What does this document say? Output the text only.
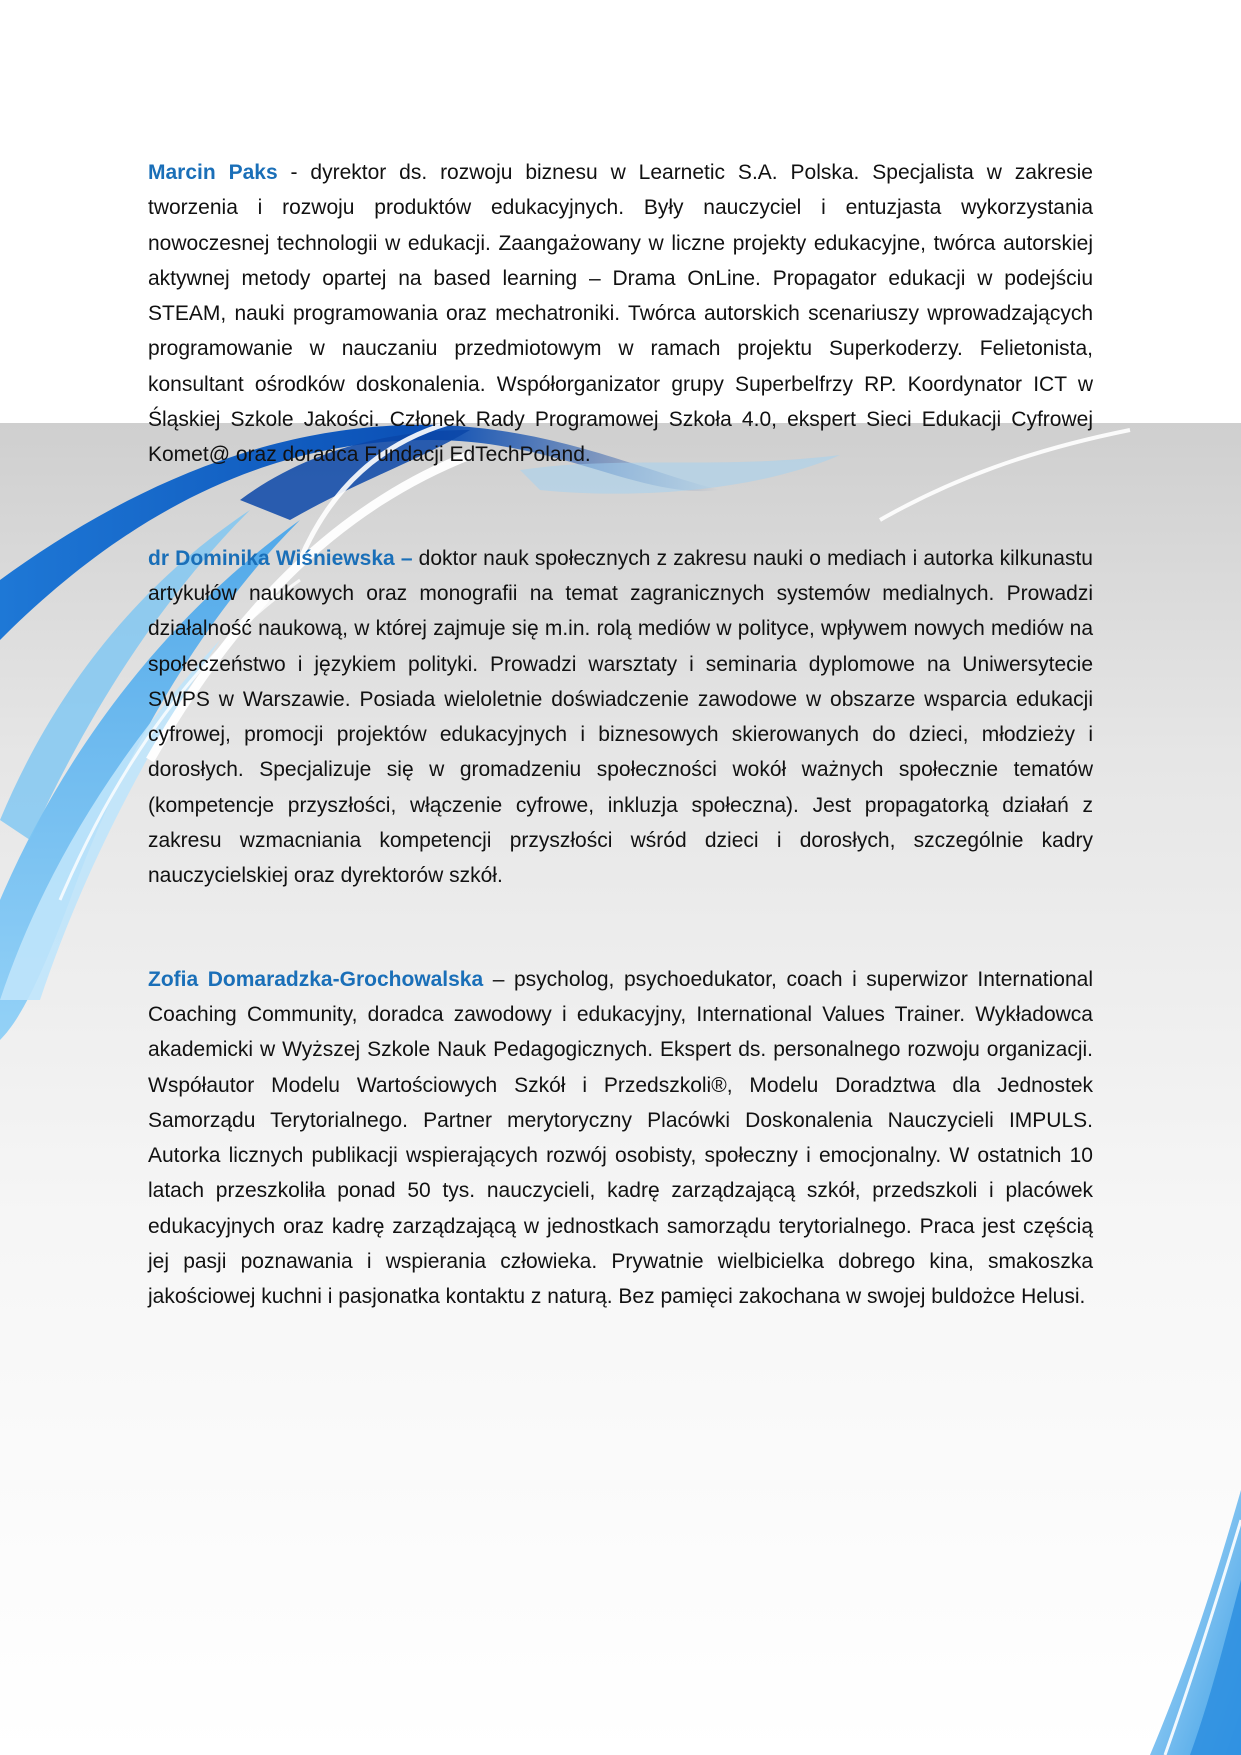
Marcin Paks - dyrektor ds. rozwoju biznesu w Learnetic S.A. Polska. Specjalista w zakresie tworzenia i rozwoju produktów edukacyjnych. Były nauczyciel i entuzjasta wykorzystania nowoczesnej technologii w edukacji. Zaangażowany w liczne projekty edukacyjne, twórca autorskiej aktywnej metody opartej na based learning – Drama OnLine. Propagator edukacji w podejściu STEAM, nauki programowania oraz mechatroniki. Twórca autorskich scenariuszy wprowadzających programowanie w nauczaniu przedmiotowym w ramach projektu Superkoderzy. Felietonista, konsultant ośrodków doskonalenia. Współorganizator grupy Superbelfrzy RP. Koordynator ICT w Śląskiej Szkole Jakości. Członek Rady Programowej Szkoła 4.0, ekspert Sieci Edukacji Cyfrowej Komet@ oraz doradca Fundacji EdTechPoland.

dr Dominika Wiśniewska – doktor nauk społecznych z zakresu nauki o mediach i autorka kilkunastu artykułów naukowych oraz monografii na temat zagranicznych systemów medialnych. Prowadzi działalność naukową, w której zajmuje się m.in. rolą mediów w polityce, wpływem nowych mediów na społeczeństwo i językiem polityki. Prowadzi warsztaty i seminaria dyplomowe na Uniwersytecie SWPS w Warszawie. Posiada wieloletnie doświadczenie zawodowe w obszarze wsparcia edukacji cyfrowej, promocji projektów edukacyjnych i biznesowych skierowanych do dzieci, młodzieży i dorosłych. Specjalizuje się w gromadzeniu społeczności wokół ważnych społecznie tematów (kompetencje przyszłości, włączenie cyfrowe, inkluzja społeczna). Jest propagatorką działań z zakresu wzmacniania kompetencji przyszłości wśród dzieci i dorosłych, szczególnie kadry nauczycielskiej oraz dyrektorów szkół.

Zofia Domaradzka-Grochowalska – psycholog, psychoedukator, coach i superwizor International Coaching Community, doradca zawodowy i edukacyjny, International Values Trainer. Wykładowca akademicki w Wyższej Szkole Nauk Pedagogicznych. Ekspert ds. personalnego rozwoju organizacji. Współautor Modelu Wartościowych Szkół i Przedszkoli®, Modelu Doradztwa dla Jednostek Samorządu Terytorialnego. Partner merytoryczny Placówki Doskonalenia Nauczycieli IMPULS. Autorka licznych publikacji wspierających rozwój osobisty, społeczny i emocjonalny. W ostatnich 10 latach przeszkoliła ponad 50 tys. nauczycieli, kadrę zarządzającą szkół, przedszkoli i placówek edukacyjnych oraz kadrę zarządzającą w jednostkach samorządu terytorialnego. Praca jest częścią jej pasji poznawania i wspierania człowieka. Prywatnie wielbicielka dobrego kina, smakoszka jakościowej kuchni i pasjonatka kontaktu z naturą. Bez pamięci zakochana w swojej buldożce Helusi.
